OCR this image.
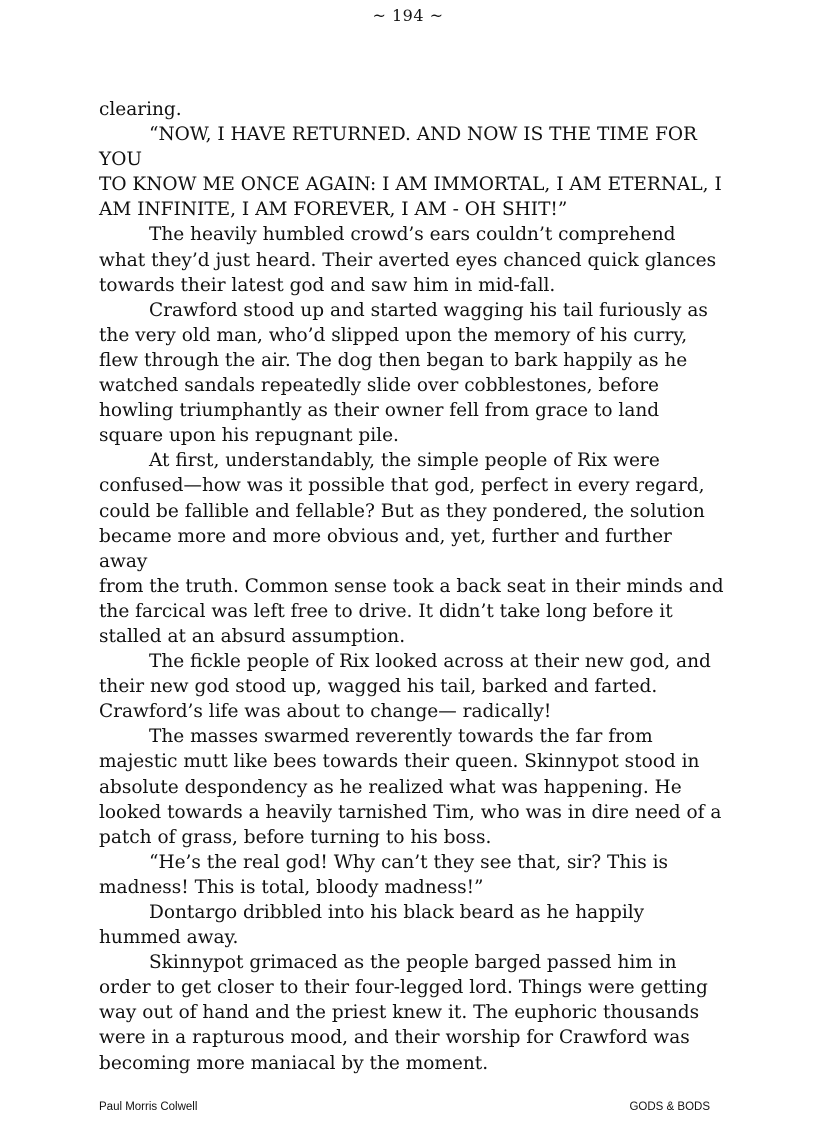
~ 194 ~

clearing.

“NOW, I HAVE RETURNED. AND NOW IS THE TIME FOR YOU
TO KNOW ME ONCE AGAIN: I AM IMMORTAL, I AM ETERNAL, I
AM INFINITE, I AM FOREVER, I AM - OH SHIT!”

The heavily humbled crowd’s ears couldn’t comprehend
what they’d just heard. Their averted eyes chanced quick glances
towards their latest god and saw him in mid-fall.

Crawford stood up and started wagging his tail furiously as
the very old man, who’d slipped upon the memory of his curry,
flew through the air. The dog then began to bark happily as he
watched sandals repeatedly slide over cobblestones, before
howling triumphantly as their owner fell from grace to land
square upon his repugnant pile.

At first, understandably, the simple people of Rix were
confused—how was it possible that god, perfect in every regard,
could be fallible and fellable? But as they pondered, the solution
became more and more obvious and, yet, further and further away
from the truth. Common sense took a back seat in their minds and
the farcical was left free to drive. It didn’t take long before it
stalled at an absurd assumption.

The fickle people of Rix looked across at their new god, and
their new god stood up, wagged his tail, barked and farted.
Crawford’s life was about to change— radically!

The masses swarmed reverently towards the far from
majestic mutt like bees towards their queen. Skinnypot stood in
absolute despondency as he realized what was happening. He
looked towards a heavily tarnished Tim, who was in dire need of a
patch of grass, before turning to his boss.

“He’s the real god! Why can’t they see that, sir? This is
madness! This is total, bloody madness!”

Dontargo dribbled into his black beard as he happily
hummed away.

Skinnypot grimaced as the people barged passed him in
order to get closer to their four-legged lord. Things were getting
way out of hand and the priest knew it. The euphoric thousands
were in a rapturous mood, and their worship for Crawford was
becoming more maniacal by the moment.

Paul Morris Colwell	GODS & BODS
